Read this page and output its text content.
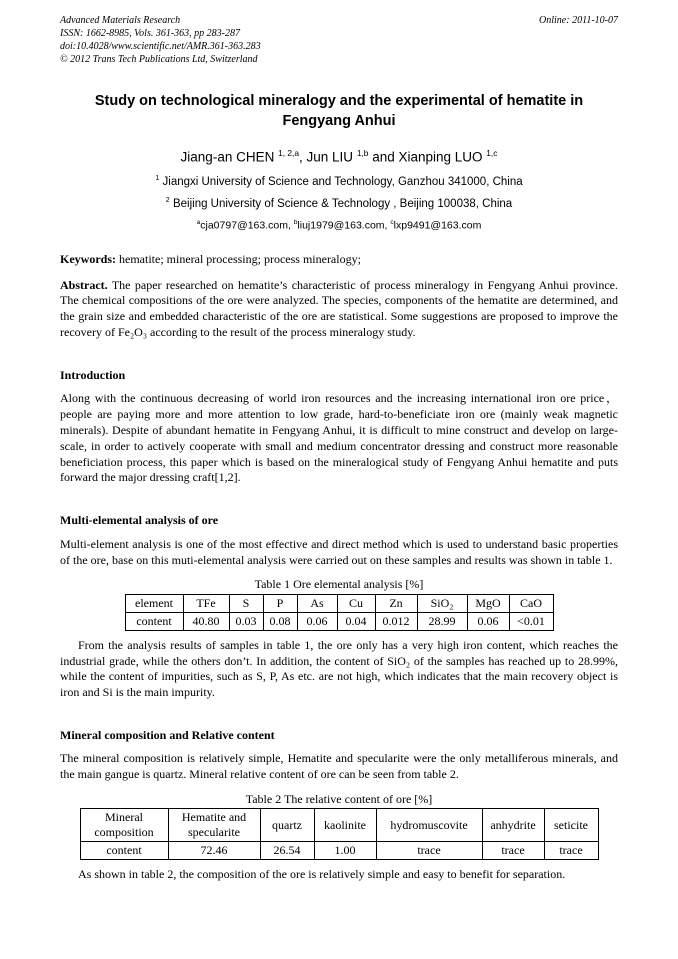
Advanced Materials Research
ISSN: 1662-8985, Vols. 361-363, pp 283-287
doi:10.4028/www.scientific.net/AMR.361-363.283
© 2012 Trans Tech Publications Ltd, Switzerland
Online: 2011-10-07
Study on technological mineralogy and the experimental of hematite in Fengyang Anhui
Jiang-an CHEN $^{1, 2,a}$, Jun LIU $^{1,b}$ and Xianping LUO $^{1,c}$
$^1$ Jiangxi University of Science and Technology, Ganzhou 341000, China
$^2$ Beijing University of Science & Technology , Beijing 100038, China
$^a$cja0797@163.com, $^b$liuj1979@163.com, $^c$lxp9491@163.com

Keywords: hematite; mineral processing; process mineralogy;

Abstract. The paper researched on hematite’s characteristic of process mineralogy in Fengyang Anhui province. The chemical compositions of the ore were analyzed. The species, components of the hematite are determined, and the grain size and embedded characteristic of the ore are statistical. Some suggestions are proposed to improve the recovery of Fe₂O₃ according to the result of the process mineralogy study.

Introduction

Along with the continuous decreasing of world iron resources and the increasing international iron ore price，people are paying more and more attention to low grade, hard-to-beneficiate iron ore (mainly weak magnetic minerals). Despite of abundant hematite in Fengyang Anhui, it is difficult to mine construct and develop on large-scale, in order to actively cooperate with small and medium concentrator dressing and construct more reasonable beneficiation process, this paper which is based on the mineralogical study of Fengyang Anhui hematite and puts forward the major dressing craft[1,2].

Multi-elemental analysis of ore

Multi-element analysis is one of the most effective and direct method which is used to understand basic properties of the ore, base on this muti-elemental analysis were carried out on these samples and results was shown in table 1.

Table 1 Ore elemental analysis [%]
element	TFe	S	P	As	Cu	Zn	SiO₂	MgO	CaO
content	40.80	0.03	0.08	0.06	0.04	0.012	28.99	0.06	<0.01

From the analysis results of samples in table 1, the ore only has a very high iron content, which reaches the industrial grade, while the others don’t. In addition, the content of SiO₂ of the samples has reached up to 28.99%, while the content of impurities, such as S, P, As etc. are not high, which indicates that the main recovery object is iron and Si is the main impurity.

Mineral composition and Relative content

The mineral composition is relatively simple, Hematite and specularite were the only metalliferous minerals, and the main gangue is quartz. Mineral relative content of ore can be seen from table 2.

Table 2 The relative content of ore [%]
Mineral composition	Hematite and specularite	quartz	kaolinite	hydromuscovite	anhydrite	seticite
content	72.46	26.54	1.00	trace	trace	trace

As shown in table 2, the composition of the ore is relatively simple and easy to benefit for separation.
